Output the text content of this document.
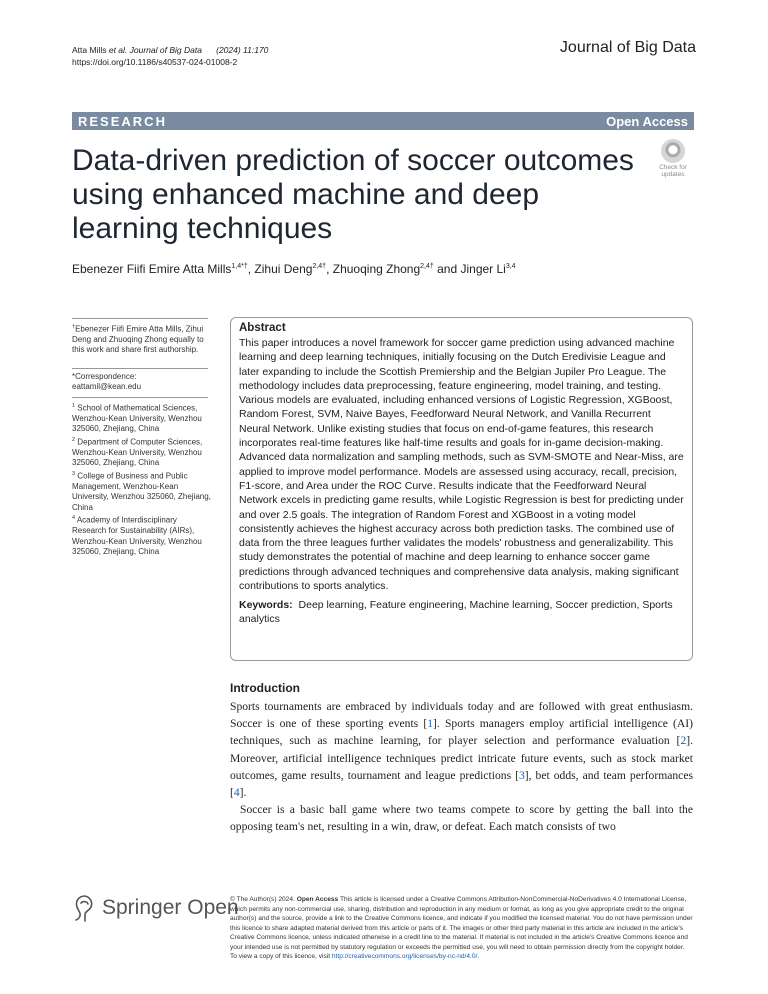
Atta Mills et al. Journal of Big Data (2024) 11:170
https://doi.org/10.1186/s40537-024-01008-2
Journal of Big Data
RESEARCH	Open Access
Data-driven prediction of soccer outcomes using enhanced machine and deep learning techniques
Check for
updates
Ebenezer Fiifi Emire Atta Mills$^{1,4*\dagger}$, Zihui Deng$^{2,4\dagger}$, Zhuoqing Zhong$^{2,4\dagger}$ and Jinger Li$^{3,4}$
†Ebenezer Fiifi Emire Atta Mills, Zihui Deng and Zhuoqing Zhong equally to this work and share first authorship.
*Correspondence:
eattamil@kean.edu
$^1$ School of Mathematical Sciences, Wenzhou-Kean University, Wenzhou 325060, Zhejiang, China
$^2$ Department of Computer Sciences, Wenzhou-Kean University, Wenzhou 325060, Zhejiang, China
$^3$ College of Business and Public Management, Wenzhou-Kean University, Wenzhou 325060, Zhejiang, China
$^4$ Academy of Interdisciplinary Research for Sustainability (AIRs), Wenzhou-Kean University, Wenzhou 325060, Zhejiang, China
Abstract

This paper introduces a novel framework for soccer game prediction using advanced machine learning and deep learning techniques, initially focusing on the Dutch Eredivisie League and later expanding to include the Scottish Premiership and the Belgian Jupiler Pro League. The methodology includes data preprocessing, feature engineering, model training, and testing. Various models are evaluated, including enhanced versions of Logistic Regression, XGBoost, Random Forest, SVM, Naive Bayes, Feedforward Neural Network, and Vanilla Recurrent Neural Network. Unlike existing studies that focus on end-of-game features, this research incorporates real-time features like half-time results and goals for in-game decision-making. Advanced data normalization and sampling methods, such as SVM-SMOTE and Near-Miss, are applied to improve model performance. Models are assessed using accuracy, recall, precision, F1-score, and Area under the ROC Curve. Results indicate that the Feedforward Neural Network excels in predicting game results, while Logistic Regression is best for predicting under and over 2.5 goals. The integration of Random Forest and XGBoost in a voting model consistently achieves the highest accuracy across both prediction tasks. The combined use of data from the three leagues further validates the models' robustness and generalizability. This study demonstrates the potential of machine and deep learning to enhance soccer game predictions through advanced techniques and comprehensive data analysis, making significant contributions to sports analytics.

Keywords: Deep learning, Feature engineering, Machine learning, Soccer prediction, Sports analytics
Introduction

Sports tournaments are embraced by individuals today and are followed with great enthusiasm. Soccer is one of these sporting events [1]. Sports managers employ artificial intelligence (AI) techniques, such as machine learning, for player selection and performance evaluation [2]. Moreover, artificial intelligence techniques predict intricate future events, such as stock market outcomes, game results, tournament and league predictions [3], bet odds, and team performances [4].

Soccer is a basic ball game where two teams compete to score by getting the ball into the opposing team's net, resulting in a win, draw, or defeat. Each match consists of two

Springer Open
© The Author(s) 2024. Open Access This article is licensed under a Creative Commons Attribution-NonCommercial-NoDerivatives 4.0 International License, which permits any non-commercial use, sharing, distribution and reproduction in any medium or format, as long as you give appropriate credit to the original author(s) and the source, provide a link to the Creative Commons licence, and indicate if you modified the licensed material. You do not have permission under this licence to share adapted material derived from this article or parts of it. The images or other third party material in this article are included in the article's Creative Commons licence, unless indicated otherwise in a credit line to the material. If material is not included in the article's Creative Commons licence and your intended use is not permitted by statutory regulation or exceeds the permitted use, you will need to obtain permission directly from the copyright holder. To view a copy of this licence, visit http://creativecommons.org/licenses/by-nc-nd/4.0/.
